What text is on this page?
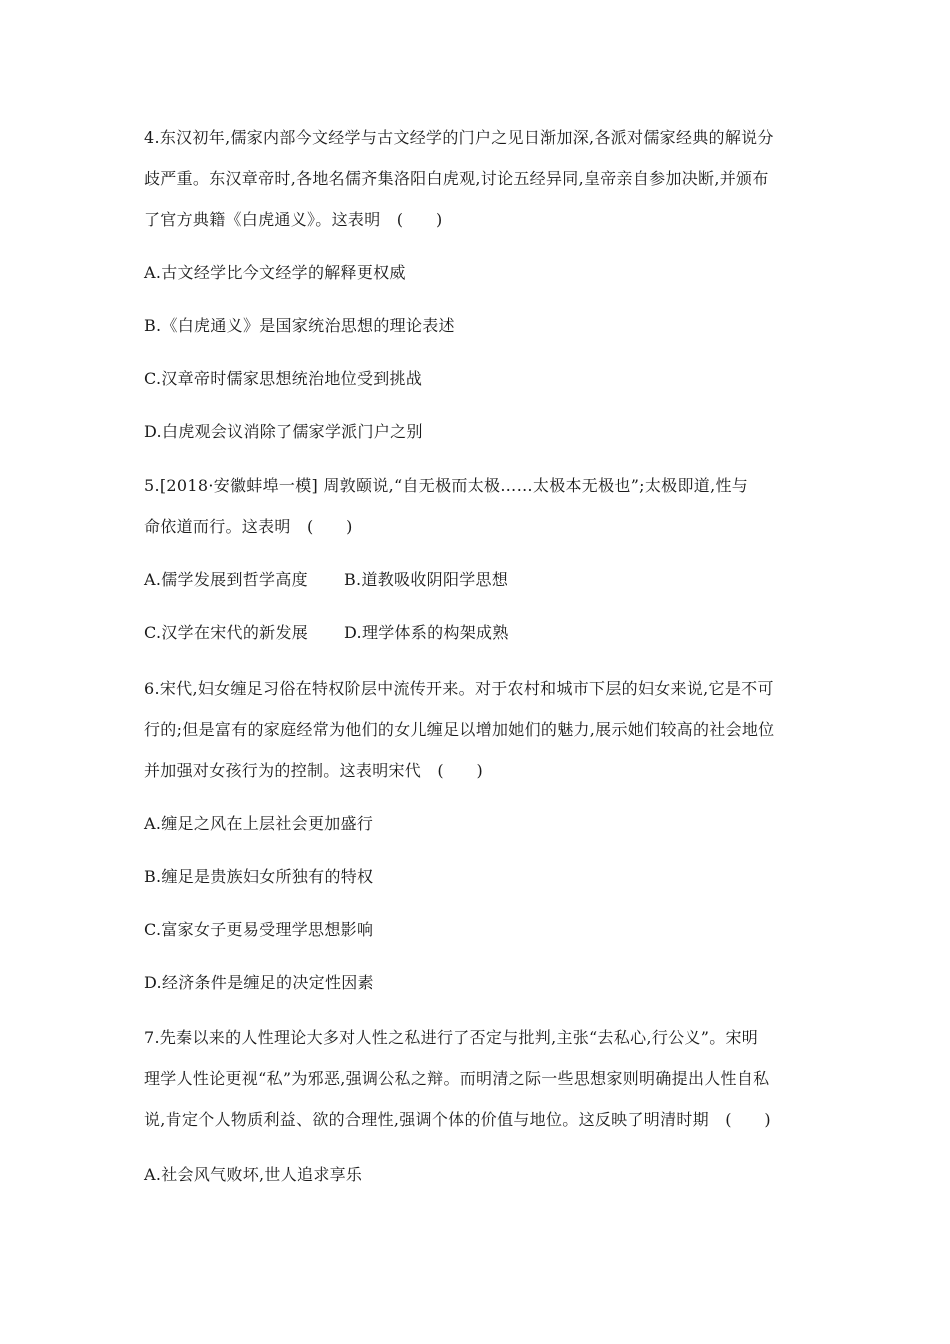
4.东汉初年,儒家内部今文经学与古文经学的门户之见日渐加深,各派对儒家经典的解说分
歧严重。东汉章帝时,各地名儒齐集洛阳白虎观,讨论五经异同,皇帝亲自参加决断,并颁布
了官方典籍《白虎通义》。这表明　(　　)
A.古文经学比今文经学的解释更权威
B.《白虎通义》是国家统治思想的理论表述
C.汉章帝时儒家思想统治地位受到挑战
D.白虎观会议消除了儒家学派门户之别
5.[2018·安徽蚌埠一模] 周敦颐说,“自无极而太极……太极本无极也”;太极即道,性与
命依道而行。这表明　(　　)
A.儒学发展到哲学高度 B.道教吸收阴阳学思想
C.汉学在宋代的新发展 D.理学体系的构架成熟
6.宋代,妇女缠足习俗在特权阶层中流传开来。对于农村和城市下层的妇女来说,它是不可
行的;但是富有的家庭经常为他们的女儿缠足以增加她们的魅力,展示她们较高的社会地位
并加强对女孩行为的控制。这表明宋代　(　　)
A.缠足之风在上层社会更加盛行
B.缠足是贵族妇女所独有的特权
C.富家女子更易受理学思想影响
D.经济条件是缠足的决定性因素
7.先秦以来的人性理论大多对人性之私进行了否定与批判,主张“去私心,行公义”。宋明
理学人性论更视“私”为邪恶,强调公私之辩。而明清之际一些思想家则明确提出人性自私
说,肯定个人物质利益、欲的合理性,强调个体的价值与地位。这反映了明清时期　(　　)
A.社会风气败坏,世人追求享乐
